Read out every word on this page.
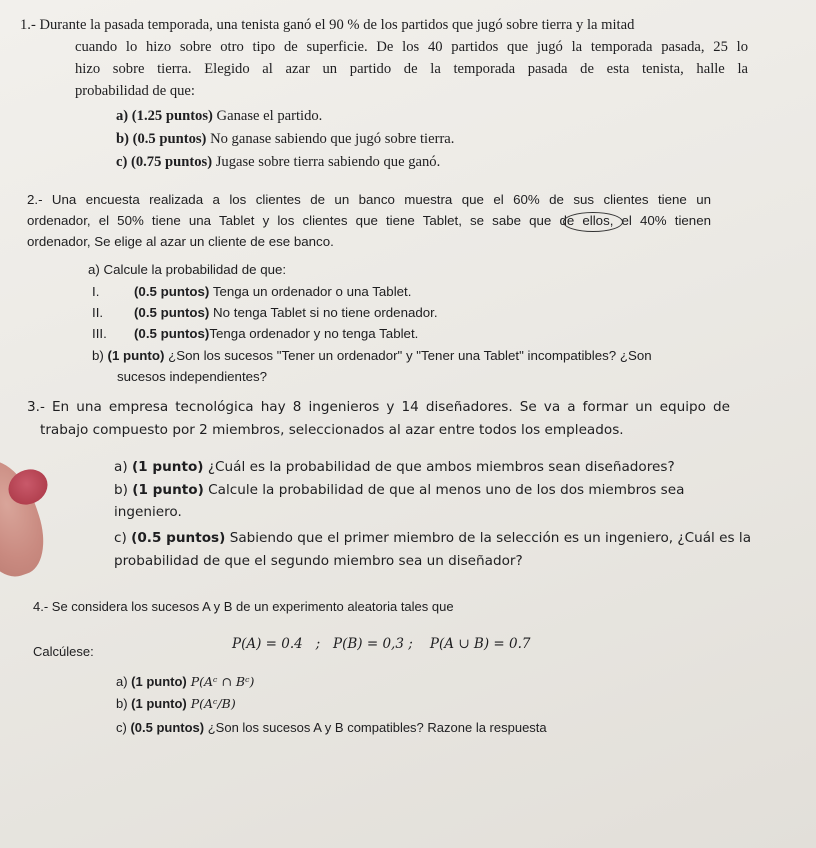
1.- Durante la pasada temporada, una tenista ganó el 90 % de los partidos que jugó sobre tierra y la mitad
cuando lo hizo sobre otro tipo de superficie. De los 40 partidos que jugó la temporada pasada, 25 lo
hizo sobre tierra. Elegido al azar un partido de la temporada pasada de esta tenista, halle la
probabilidad de que:
a) (1.25 puntos) Ganase el partido.
b) (0.5 puntos) No ganase sabiendo que jugó sobre tierra.
c) (0.75 puntos) Jugase sobre tierra sabiendo que ganó.
2.- Una encuesta realizada a los clientes de un banco muestra que el 60% de sus clientes tiene un
ordenador, el 50% tiene una Tablet y los clientes que tiene Tablet, se sabe que de ellos, el 40% tienen
ordenador, Se elige al azar un cliente de ese banco.
a) Calcule la probabilidad de que:
I.	(0.5 puntos) Tenga un ordenador o una Tablet.
II. (0.5 puntos) No tenga Tablet si no tiene ordenador.
III. (0.5 puntos)Tenga ordenador y no tenga Tablet.
b) (1 punto) ¿Son los sucesos "Tener un ordenador" y "Tener una Tablet" incompatibles? ¿Son
sucesos independientes?
3.- En una empresa tecnológica hay 8 ingenieros y 14 diseñadores. Se va a formar un equipo de
trabajo compuesto por 2 miembros, seleccionados al azar entre todos los empleados.
a) (1 punto) ¿Cuál es la probabilidad de que ambos miembros sean diseñadores?
b) (1 punto) Calcule la probabilidad de que al menos uno de los dos miembros sea
ingeniero.
c) (0.5 puntos) Sabiendo que el primer miembro de la selección es un ingeniero, ¿Cuál es la
probabilidad de que el segundo miembro sea un diseñador?
4.- Se considera los sucesos A y B de un experimento aleatoria tales que
Calcúlese:	P(A) = 0.4   ;   P(B) = 0,3 ;    P(A ∪ B) = 0.7
a) (1 punto) P(Aᶜ ∩ Bᶜ)
b) (1 punto) P(Aᶜ/B)
c) (0.5 puntos) ¿Son los sucesos A y B compatibles? Razone la respuesta
